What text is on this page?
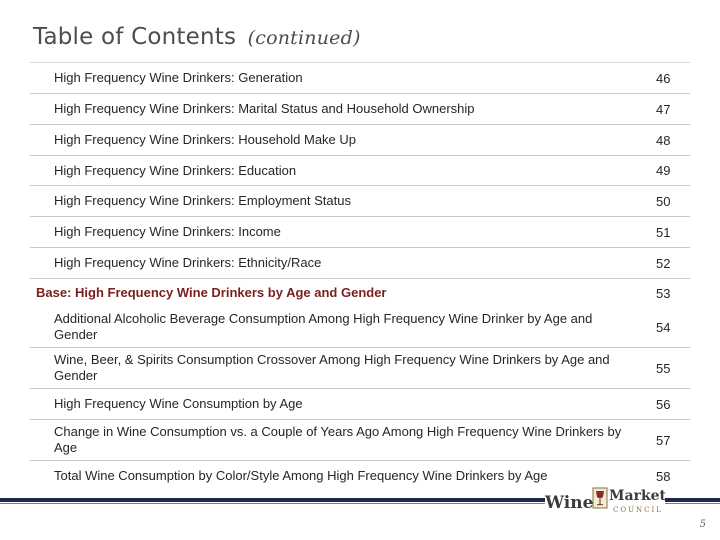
Table of Contents (continued)
High Frequency Wine Drinkers: Generation	46
High Frequency Wine Drinkers: Marital Status and Household Ownership	47
High Frequency Wine Drinkers: Household Make Up	48
High Frequency Wine Drinkers: Education	49
High Frequency Wine Drinkers: Employment Status	50
High Frequency Wine Drinkers: Income	51
High Frequency Wine Drinkers: Ethnicity/Race	52
Base: High Frequency Wine Drinkers by Age and Gender	53
Additional Alcoholic Beverage Consumption Among High Frequency Wine Drinker by Age and Gender	54
Wine, Beer, & Spirits Consumption Crossover Among High Frequency Wine Drinkers by Age and Gender	55
High Frequency Wine Consumption by Age	56
Change in Wine Consumption vs. a Couple of Years Ago Among High Frequency Wine Drinkers by Age	57
Total Wine Consumption by Color/Style Among High Frequency Wine Drinkers by Age	58
Wine Market
COUNCIL
5
